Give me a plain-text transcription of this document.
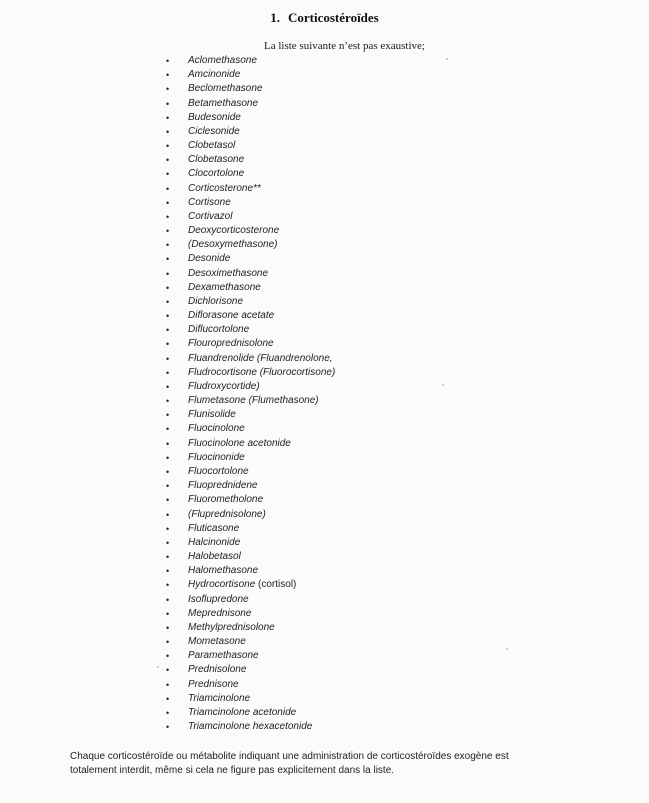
1. Corticostéroïdes
La liste suivante n’est pas exaustive;
• Aclomethasone
• Amcinonide
• Beclomethasone
• Betamethasone
• Budesonide
• Ciclesonide
• Clobetasol
• Clobetasone
• Clocortolone
• Corticosterone**
• Cortisone
• Cortivazol
• Deoxycorticosterone
• (Desoxymethasone)
• Desonide
• Desoximethasone
• Dexamethasone
• Dichlorisone
• Diflorasone acetate
• Diflucortolone
• Flouroprednisolone
• Fluandrenolide (Fluandrenolone,
• Fludrocortisone (Fluorocortisone)
• Fludroxycortide)
• Flumetasone (Flumethasone)
• Flunisolide
• Fluocinolone
• Fluocinolone acetonide
• Fluocinonide
• Fluocortolone
• Fluoprednidene
• Fluorometholone
• (Fluprednisolone)
• Fluticasone
• Halcinonide
• Halobetasol
• Halomethasone
• Hydrocortisone (cortisol)
• Isoflupredone
• Meprednisone
• Methylprednisolone
• Mometasone
• Paramethasone
• Prednisolone
• Prednisone
• Triamcinolone
• Triamcinolone acetonide
• Triamcinolone hexacetonide
Chaque corticostéroïde ou métabolite indiquant une administration de corticostéroïdes exogène est totalement interdit, même si cela ne figure pas explicitement dans la liste.
